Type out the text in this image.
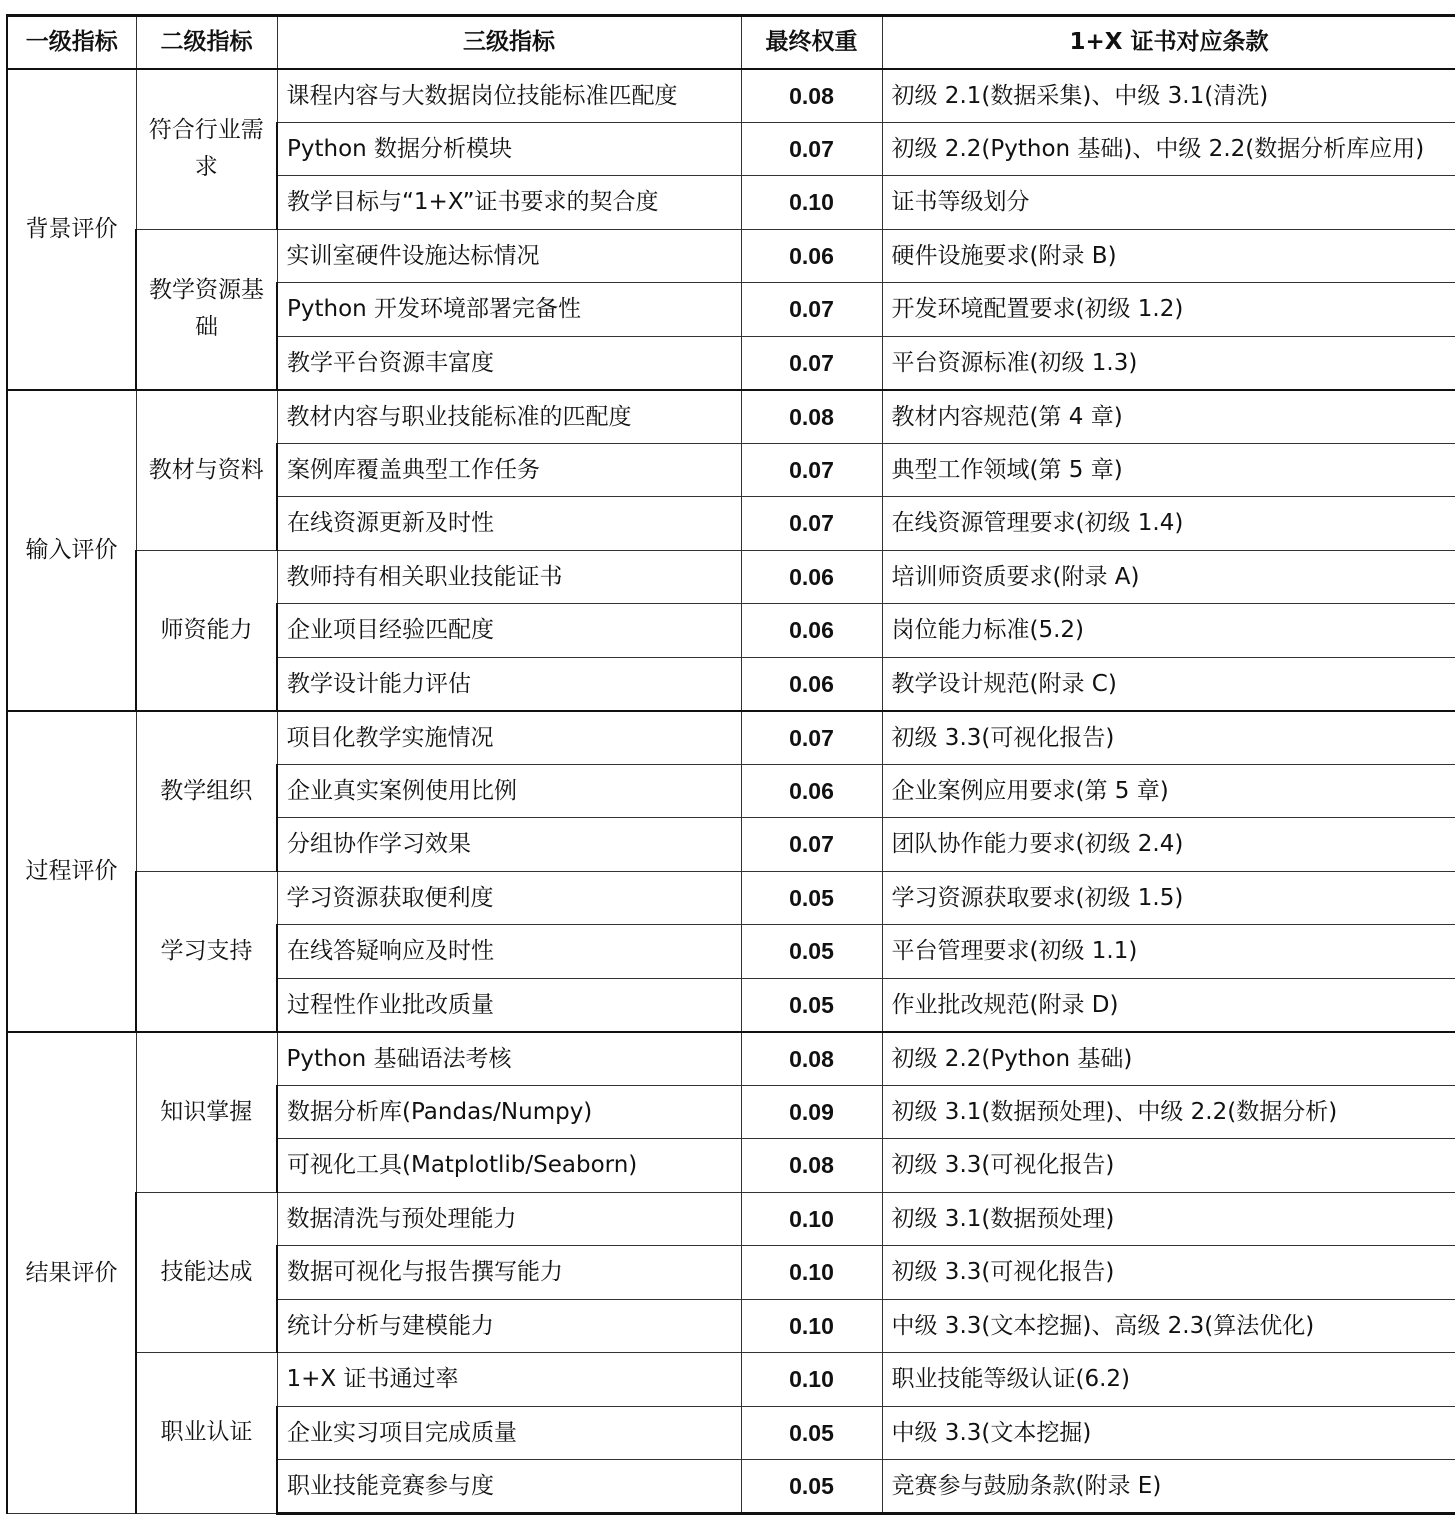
一级指标	二级指标	三级指标	最终权重	1+X 证书对应条款
背景评价	符合行业需求	课程内容与大数据岗位技能标准匹配度	0.08	初级 2.1(数据采集)、中级 3.1(清洗)
		Python 数据分析模块	0.07	初级 2.2(Python 基础)、中级 2.2(数据分析库应用)
		教学目标与“1+X”证书要求的契合度	0.10	证书等级划分
	教学资源基础	实训室硬件设施达标情况	0.06	硬件设施要求(附录 B)
		Python 开发环境部署完备性	0.07	开发环境配置要求(初级 1.2)
		教学平台资源丰富度	0.07	平台资源标准(初级 1.3)
输入评价	教材与资料	教材内容与职业技能标准的匹配度	0.08	教材内容规范(第 4 章)
		案例库覆盖典型工作任务	0.07	典型工作领域(第 5 章)
		在线资源更新及时性	0.07	在线资源管理要求(初级 1.4)
	师资能力	教师持有相关职业技能证书	0.06	培训师资质要求(附录 A)
		企业项目经验匹配度	0.06	岗位能力标准(5.2)
		教学设计能力评估	0.06	教学设计规范(附录 C)
过程评价	教学组织	项目化教学实施情况	0.07	初级 3.3(可视化报告)
		企业真实案例使用比例	0.06	企业案例应用要求(第 5 章)
		分组协作学习效果	0.07	团队协作能力要求(初级 2.4)
	学习支持	学习资源获取便利度	0.05	学习资源获取要求(初级 1.5)
		在线答疑响应及时性	0.05	平台管理要求(初级 1.1)
		过程性作业批改质量	0.05	作业批改规范(附录 D)
结果评价	知识掌握	Python 基础语法考核	0.08	初级 2.2(Python 基础)
		数据分析库(Pandas/Numpy)	0.09	初级 3.1(数据预处理)、中级 2.2(数据分析)
		可视化工具(Matplotlib/Seaborn)	0.08	初级 3.3(可视化报告)
	技能达成	数据清洗与预处理能力	0.10	初级 3.1(数据预处理)
		数据可视化与报告撰写能力	0.10	初级 3.3(可视化报告)
		统计分析与建模能力	0.10	中级 3.3(文本挖掘)、高级 2.3(算法优化)
	职业认证	1+X 证书通过率	0.10	职业技能等级认证(6.2)
		企业实习项目完成质量	0.05	中级 3.3(文本挖掘)
		职业技能竞赛参与度	0.05	竞赛参与鼓励条款(附录 E)
